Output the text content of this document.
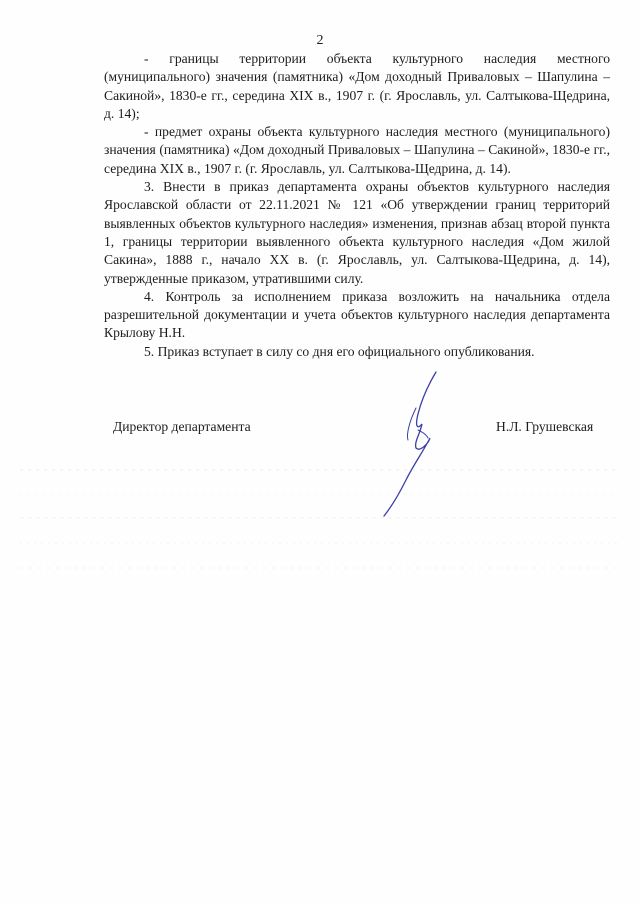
2

- границы территории объекта культурного наследия местного (муниципального) значения (памятника) «Дом доходный Приваловых – Шапулина – Сакиной», 1830-е гг., середина XIX в., 1907 г. (г. Ярославль, ул. Салтыкова-Щедрина, д. 14);

- предмет охраны объекта культурного наследия местного (муниципального) значения (памятника) «Дом доходный Приваловых – Шапулина – Сакиной», 1830-е гг., середина XIX в., 1907 г. (г. Ярославль, ул. Салтыкова-Щедрина, д. 14).

3. Внести в приказ департамента охраны объектов культурного наследия Ярославской области от 22.11.2021 № 121 «Об утверждении границ территорий выявленных объектов культурного наследия» изменения, признав абзац второй пункта 1, границы территории выявленного объекта культурного наследия «Дом жилой Сакина», 1888 г., начало XX в. (г. Ярославль, ул. Салтыкова-Щедрина, д. 14), утвержденные приказом, утратившими силу.

4. Контроль за исполнением приказа возложить на начальника отдела разрешительной документации и учета объектов культурного наследия департамента Крылову Н.Н.

5. Приказ вступает в силу со дня его официального опубликования.

Директор департамента	Н.Л. Грушевская
